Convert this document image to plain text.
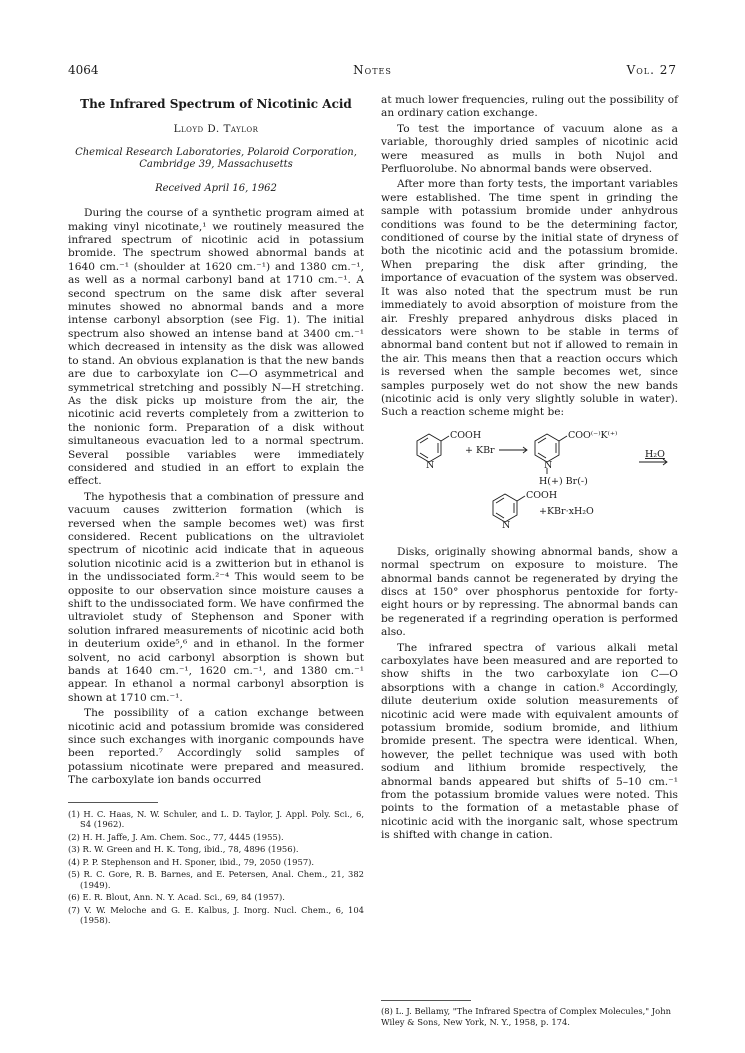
4064	Notes	Vol. 27
The Infrared Spectrum of Nicotinic Acid
Lloyd D. Taylor
Chemical Research Laboratories, Polaroid Corporation,
Cambridge 39, Massachusetts
Received April 16, 1962

During the course of a synthetic program aimed at making vinyl nicotinate,¹ we routinely measured the infrared spectrum of nicotinic acid in potassium bromide. The spectrum showed abnormal bands at 1640 cm.⁻¹ (shoulder at 1620 cm.⁻¹) and 1380 cm.⁻¹, as well as a normal carbonyl band at 1710 cm.⁻¹. A second spectrum on the same disk after several minutes showed no abnormal bands and a more intense carbonyl absorption (see Fig. 1). The initial spectrum also showed an intense band at 3400 cm.⁻¹ which decreased in intensity as the disk was allowed to stand. An obvious explanation is that the new bands are due to carboxylate ion C—O asymmetrical and symmetrical stretching and possibly N—H stretching. As the disk picks up moisture from the air, the nicotinic acid reverts completely from a zwitterion to the nonionic form. Preparation of a disk without simultaneous evacuation led to a normal spectrum. Several possible variables were immediately considered and studied in an effort to explain the effect.

The hypothesis that a combination of pressure and vacuum causes zwitterion formation (which is reversed when the sample becomes wet) was first considered. Recent publications on the ultraviolet spectrum of nicotinic acid indicate that in aqueous solution nicotinic acid is a zwitterion but in ethanol is in the undissociated form.²⁻⁴ This would seem to be opposite to our observation since moisture causes a shift to the undissociated form. We have confirmed the ultraviolet study of Stephenson and Sponer with solution infrared measurements of nicotinic acid both in deuterium oxide⁵,⁶ and in ethanol. In the former solvent, no acid carbonyl absorption is shown but bands at 1640 cm.⁻¹, 1620 cm.⁻¹, and 1380 cm.⁻¹ appear. In ethanol a normal carbonyl absorption is shown at 1710 cm.⁻¹.

The possibility of a cation exchange between nicotinic acid and potassium bromide was considered since such exchanges with inorganic compounds have been reported.⁷ Accordingly solid samples of potassium nicotinate were prepared and measured. The carboxylate ion bands occurred

(1) H. C. Haas, N. W. Schuler, and L. D. Taylor, J. Appl. Poly. Sci., 6, S4 (1962).

(2) H. H. Jaffe, J. Am. Chem. Soc., 77, 4445 (1955).

(3) R. W. Green and H. K. Tong, ibid., 78, 4896 (1956).

(4) P. P. Stephenson and H. Sponer, ibid., 79, 2050 (1957).

(5) R. C. Gore, R. B. Barnes, and E. Petersen, Anal. Chem., 21, 382 (1949).

(6) E. R. Blout, Ann. N. Y. Acad. Sci., 69, 84 (1957).

(7) V. W. Meloche and G. E. Kalbus, J. Inorg. Nucl. Chem., 6, 104 (1958).

at much lower frequencies, ruling out the possibility of an ordinary cation exchange.

To test the importance of vacuum alone as a variable, thoroughly dried samples of nicotinic acid were measured as mulls in both Nujol and Perfluorolube. No abnormal bands were observed.

After more than forty tests, the important variables were established. The time spent in grinding the sample with potassium bromide under anhydrous conditions was found to be the determining factor, conditioned of course by the initial state of dryness of both the nicotinic acid and the potassium bromide. When preparing the disk after grinding, the importance of evacuation of the system was observed. It was also noted that the spectrum must be run immediately to avoid absorption of moisture from the air. Freshly prepared anhydrous disks placed in dessicators were shown to be stable in terms of abnormal band content but not if allowed to remain in the air. This means then that a reaction occurs which is reversed when the sample becomes wet, since samples purposely wet do not show the new bands (nicotinic acid is only very slightly soluble in water). Such a reaction scheme might be:

COOH
N
+ KBr
COO⁽⁻⁾K⁽⁺⁾
N
H(+) Br(-)
H₂O
COOH
N
+KBr·xH₂O

Disks, originally showing abnormal bands, show a normal spectrum on exposure to moisture. The abnormal bands cannot be regenerated by drying the discs at 150° over phosphorus pentoxide for forty-eight hours or by repressing. The abnormal bands can be regenerated if a regrinding operation is performed also.

The infrared spectra of various alkali metal carboxylates have been measured and are reported to show shifts in the two carboxylate ion C—O absorptions with a change in cation.⁸ Accordingly, dilute deuterium oxide solution measurements of nicotinic acid were made with equivalent amounts of potassium bromide, sodium bromide, and lithium bromide present. The spectra were identical. When, however, the pellet technique was used with both sodium and lithium bromide respectively, the abnormal bands appeared but shifts of 5–10 cm.⁻¹ from the potassium bromide values were noted. This points to the formation of a metastable phase of nicotinic acid with the inorganic salt, whose spectrum is shifted with change in cation.

(8) L. J. Bellamy, "The Infrared Spectra of Complex Molecules," John Wiley & Sons, New York, N. Y., 1958, p. 174.
